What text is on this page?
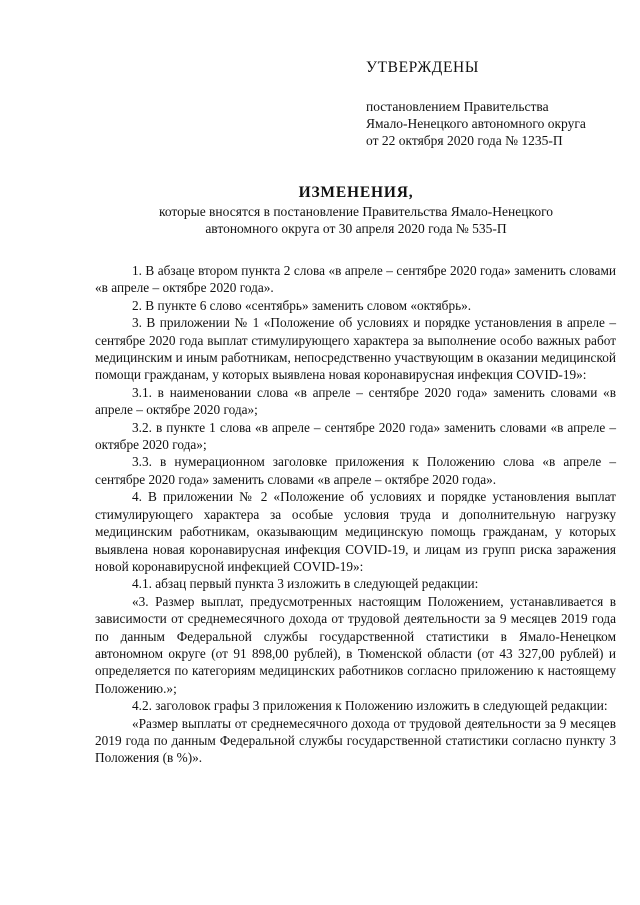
УТВЕРЖДЕНЫ
постановлением Правительства
Ямало-Ненецкого автономного округа
от 22 октября 2020 года № 1235-П
ИЗМЕНЕНИЯ,
которые вносятся в постановление Правительства Ямало-Ненецкого
автономного округа от 30 апреля 2020 года № 535-П

1. В абзаце втором пункта 2 слова «в апреле – сентябре 2020 года» заменить словами «в апреле – октябре 2020 года».

2. В пункте 6 слово «сентябрь» заменить словом «октябрь».

3. В приложении № 1 «Положение об условиях и порядке установления в апреле – сентябре 2020 года выплат стимулирующего характера за выполнение особо важных работ медицинским и иным работникам, непосредственно участвующим в оказании медицинской помощи гражданам, у которых выявлена новая коронавирусная инфекция COVID-19»:

3.1. в наименовании слова «в апреле – сентябре 2020 года» заменить словами «в апреле – октябре 2020 года»;

3.2. в пункте 1 слова «в апреле – сентябре 2020 года» заменить словами «в апреле – октябре 2020 года»;

3.3. в нумерационном заголовке приложения к Положению слова «в апреле – сентябре 2020 года» заменить словами «в апреле – октябре 2020 года».

4. В приложении № 2 «Положение об условиях и порядке установления выплат стимулирующего характера за особые условия труда и дополнительную нагрузку медицинским работникам, оказывающим медицинскую помощь гражданам, у которых выявлена новая коронавирусная инфекция COVID-19, и лицам из групп риска заражения новой коронавирусной инфекцией COVID-19»:

4.1. абзац первый пункта 3 изложить в следующей редакции:

«3. Размер выплат, предусмотренных настоящим Положением, устанавливается в зависимости от среднемесячного дохода от трудовой деятельности за 9 месяцев 2019 года по данным Федеральной службы государственной статистики в Ямало-Ненецком автономном округе (от 91 898,00 рублей), в Тюменской области (от 43 327,00 рублей) и определяется по категориям медицинских работников согласно приложению к настоящему Положению.»;

4.2. заголовок графы 3 приложения к Положению изложить в следующей редакции:

«Размер выплаты от среднемесячного дохода от трудовой деятельности за 9 месяцев 2019 года по данным Федеральной службы государственной статистики согласно пункту 3 Положения (в %)».
